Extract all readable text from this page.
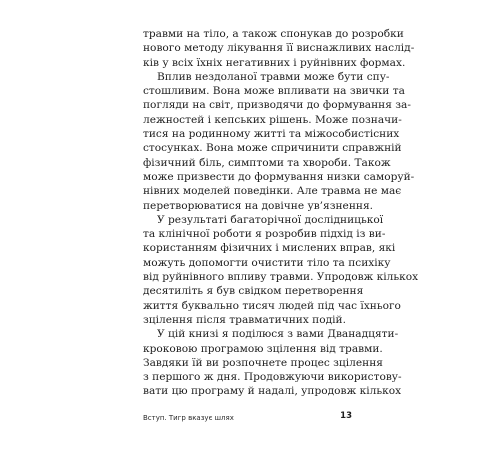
травми на тіло, а також спонукав до розробки
нового методу лікування її виснажливих наслід-
ків у всіх їхніх негативних і руйнівних формах.

Вплив нездоланої травми може бути спу-
стошливим. Вона може впливати на звички та
погляди на світ, призводячи до формування за-
лежностей і кепських рішень. Може позначи-
тися на родинному житті та міжособистісних
стосунках. Вона може спричинити справжній
фізичний біль, симптоми та хвороби. Також
може призвести до формування низки саморуй-
нівних моделей поведінки. Але травма не має
перетворюватися на довічне ув’язнення.

У результаті багаторічної дослідницької
та клінічної роботи я розробив підхід із ви-
користанням фізичних і мислених вправ, які
можуть допомогти очистити тіло та психіку
від руйнівного впливу травми. Упродовж кількох
десятиліть я був свідком перетворення
життя буквально тисяч людей під час їхнього
зцілення після травматичних подій.

У цій книзі я поділюся з вами Дванадцяти-
кроковою програмою зцілення від травми.
Завдяки їй ви розпочнете процес зцілення
з першого ж дня. Продовжуючи використову-
вати цю програму й надалі, упродовж кількох

Вступ. Тигр вказує шлях	13
